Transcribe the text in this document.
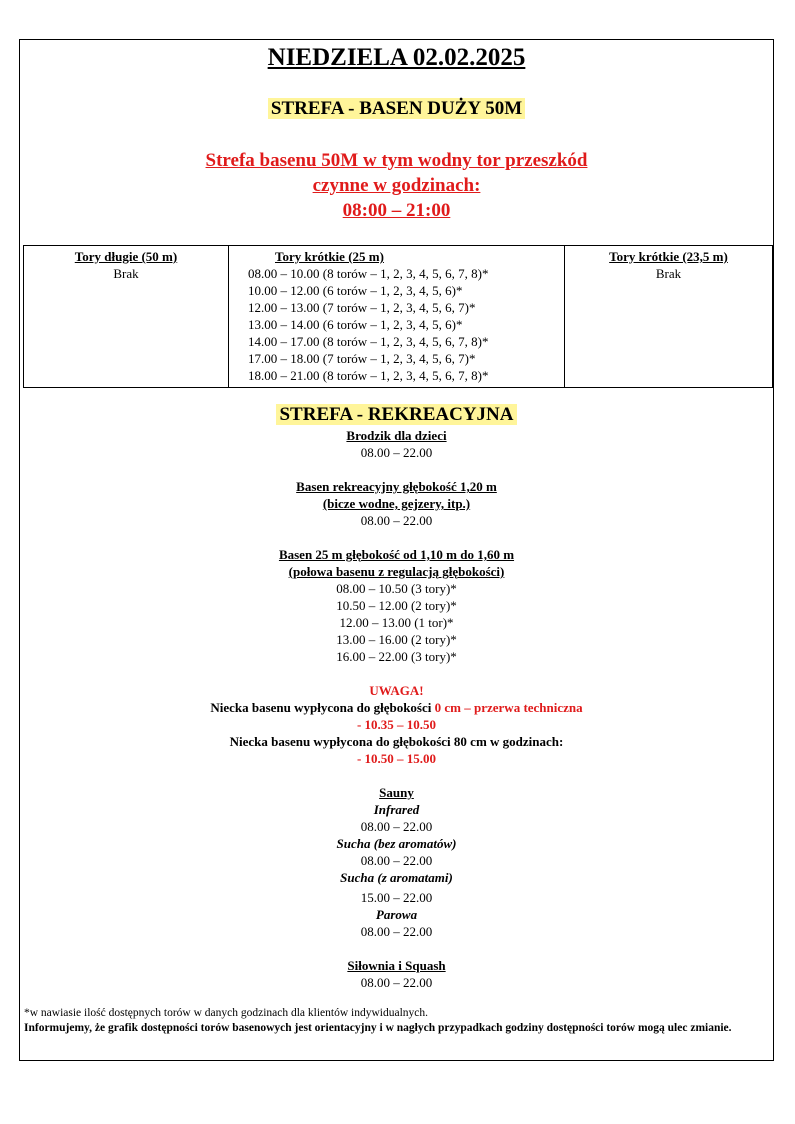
NIEDZIELA 02.02.2025
STREFA - BASEN DUŻY 50M
Strefa basenu 50M w tym wodny tor przeszkód
czynne w godzinach:
08:00 – 21:00
Tory długie (50 m)
Brak

Tory krótkie (25 m)
08.00 – 10.00 (8 torów – 1, 2, 3, 4, 5, 6, 7, 8)*
10.00 – 12.00 (6 torów – 1, 2, 3, 4, 5, 6)*
12.00 – 13.00 (7 torów – 1, 2, 3, 4, 5, 6, 7)*
13.00 – 14.00 (6 torów – 1, 2, 3, 4, 5, 6)*
14.00 – 17.00 (8 torów – 1, 2, 3, 4, 5, 6, 7, 8)*
17.00 – 18.00 (7 torów – 1, 2, 3, 4, 5, 6, 7)*
18.00 – 21.00 (8 torów – 1, 2, 3, 4, 5, 6, 7, 8)*

Tory krótkie (23,5 m)
Brak
STREFA - REKREACYJNA
Brodzik dla dzieci
08.00 – 22.00
Basen rekreacyjny głębokość 1,20 m
(bicze wodne, gejzery, itp.)
08.00 – 22.00
Basen 25 m głębokość od 1,10 m do 1,60 m
(połowa basenu z regulacją głębokości)
08.00 – 10.50 (3 tory)*
10.50 – 12.00 (2 tory)*
12.00 – 13.00 (1 tor)*
13.00 – 16.00 (2 tory)*
16.00 – 22.00 (3 tory)*
UWAGA!
Niecka basenu wypłycona do głębokości 0 cm – przerwa techniczna
- 10.35 – 10.50
Niecka basenu wypłycona do głębokości 80 cm w godzinach:
- 10.50 – 15.00
Sauny
Infrared
08.00 – 22.00
Sucha (bez aromatów)
08.00 – 22.00
Sucha (z aromatami)
15.00 – 22.00
Parowa
08.00 – 22.00
Siłownia i Squash
08.00 – 22.00
*w nawiasie ilość dostępnych torów w danych godzinach dla klientów indywidualnych.
Informujemy, że grafik dostępności torów basenowych jest orientacyjny i w nagłych przypadkach godziny dostępności torów mogą ulec zmianie.
